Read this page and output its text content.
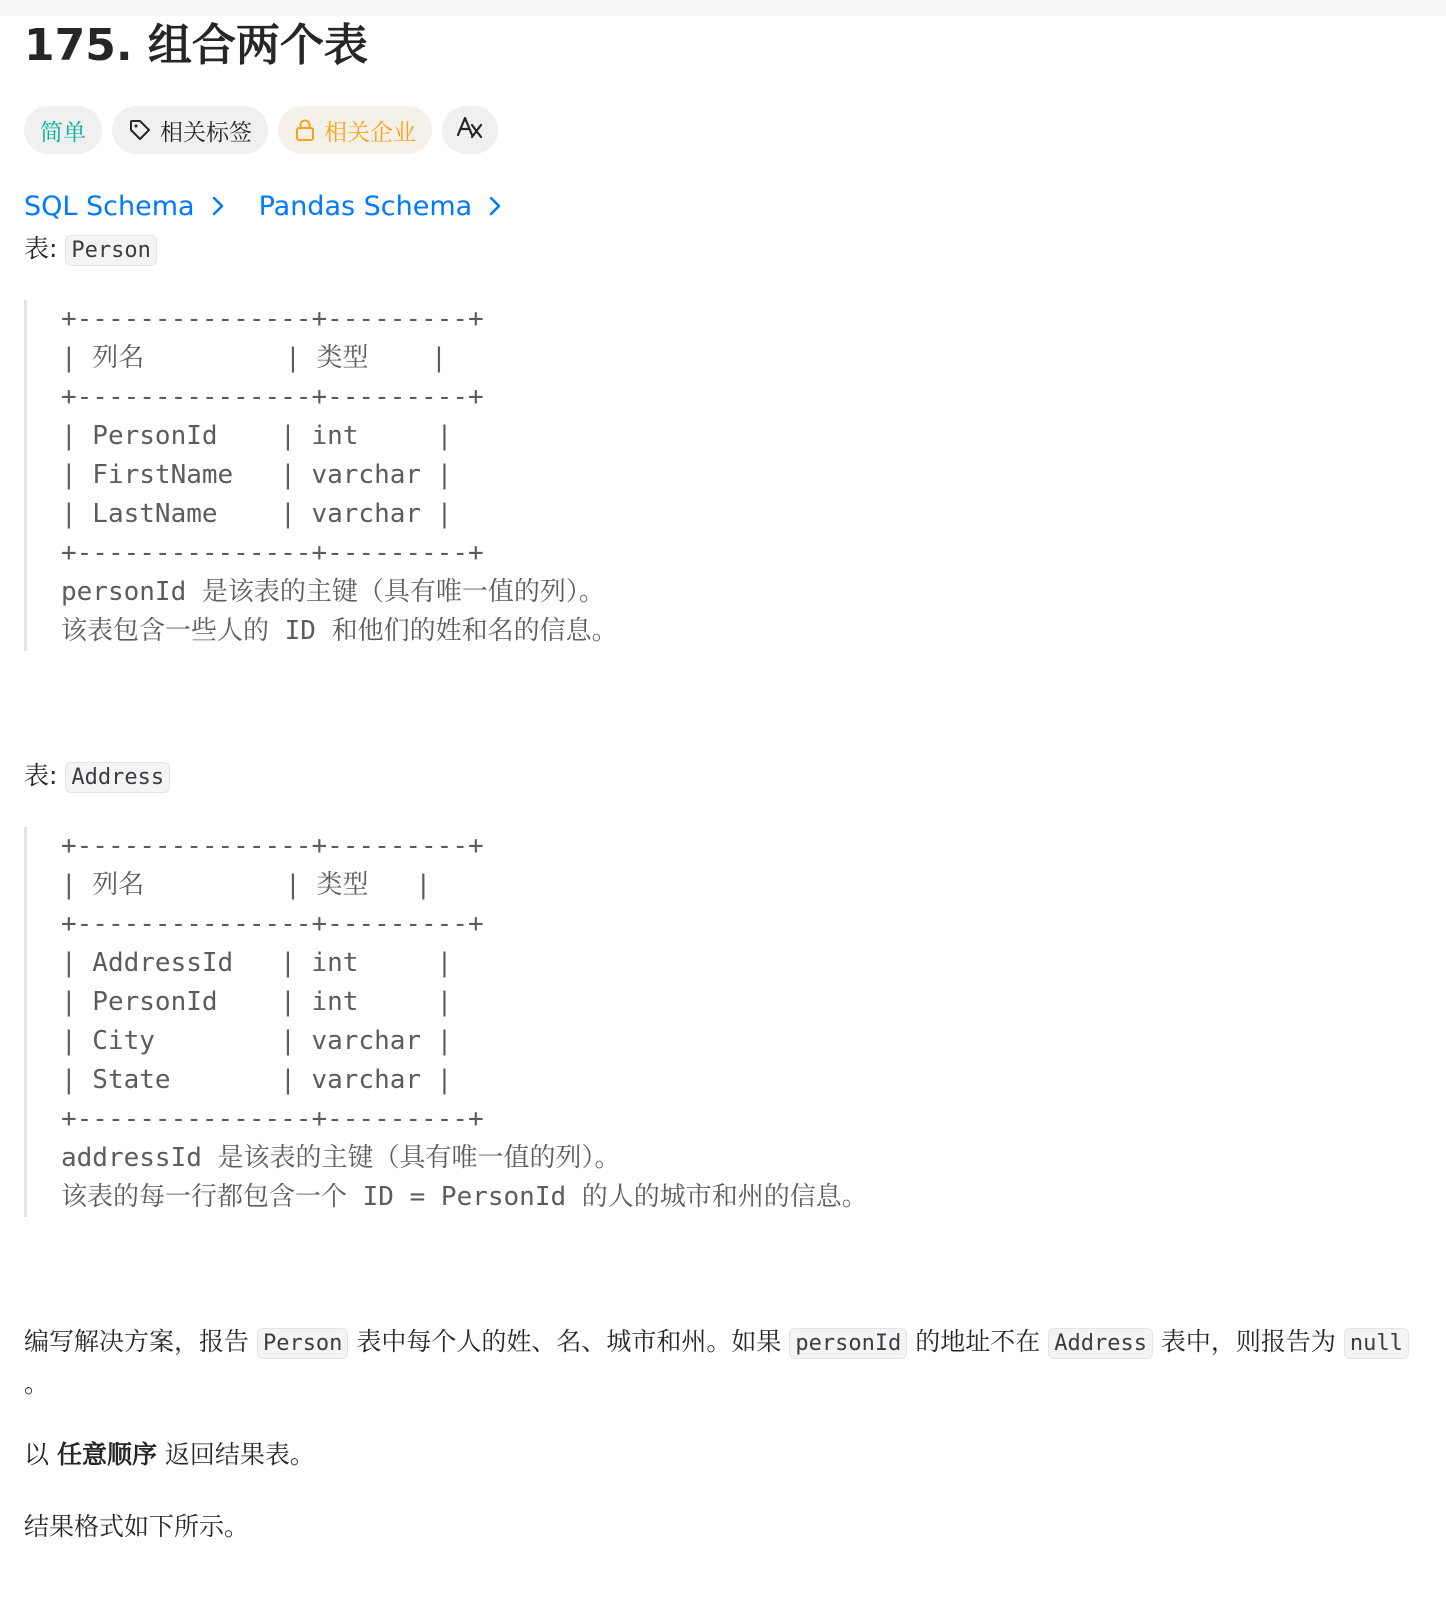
175. 组合两个表
简单	相关标签	相关企业
SQL Schema Pandas Schema
表: Person
+---------------+---------+
| 列名         | 类型    |
+---------------+---------+
| PersonId    | int     |
| FirstName   | varchar |
| LastName    | varchar |
+---------------+---------+
personId 是该表的主键（具有唯一值的列）。
该表包含一些人的 ID 和他们的姓和名的信息。
表: Address
+---------------+---------+
| 列名         | 类型   |
+---------------+---------+
| AddressId   | int     |
| PersonId    | int     |
| City        | varchar |
| State       | varchar |
+---------------+---------+
addressId 是该表的主键（具有唯一值的列）。
该表的每一行都包含一个 ID = PersonId 的人的城市和州的信息。
编写解决方案，报告 Person 表中每个人的姓、名、城市和州。如果 personId 的地址不在 Address 表中，则报告为 null 。
以 任意顺序 返回结果表。
结果格式如下所示。
